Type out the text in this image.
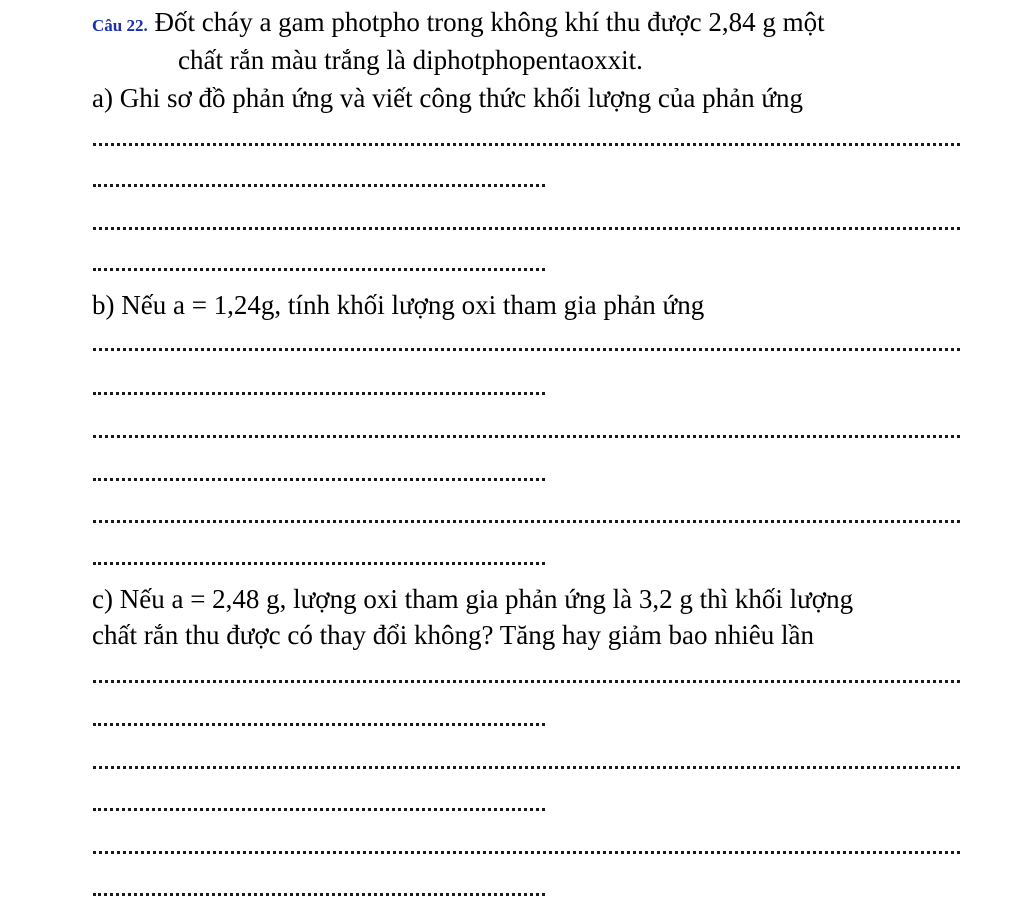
Câu 22. Đốt cháy a gam photpho trong không khí thu được 2,84 g một

chất rắn màu trắng là diphotphopentaoxxit.

a) Ghi sơ đồ phản ứng và viết công thức khối lượng của phản ứng

b) Nếu a = 1,24g, tính khối lượng oxi tham gia phản ứng

c) Nếu a = 2,48 g, lượng oxi tham gia phản ứng là 3,2 g thì khối lượng

chất rắn thu được có thay đổi không? Tăng hay giảm bao nhiêu lần
